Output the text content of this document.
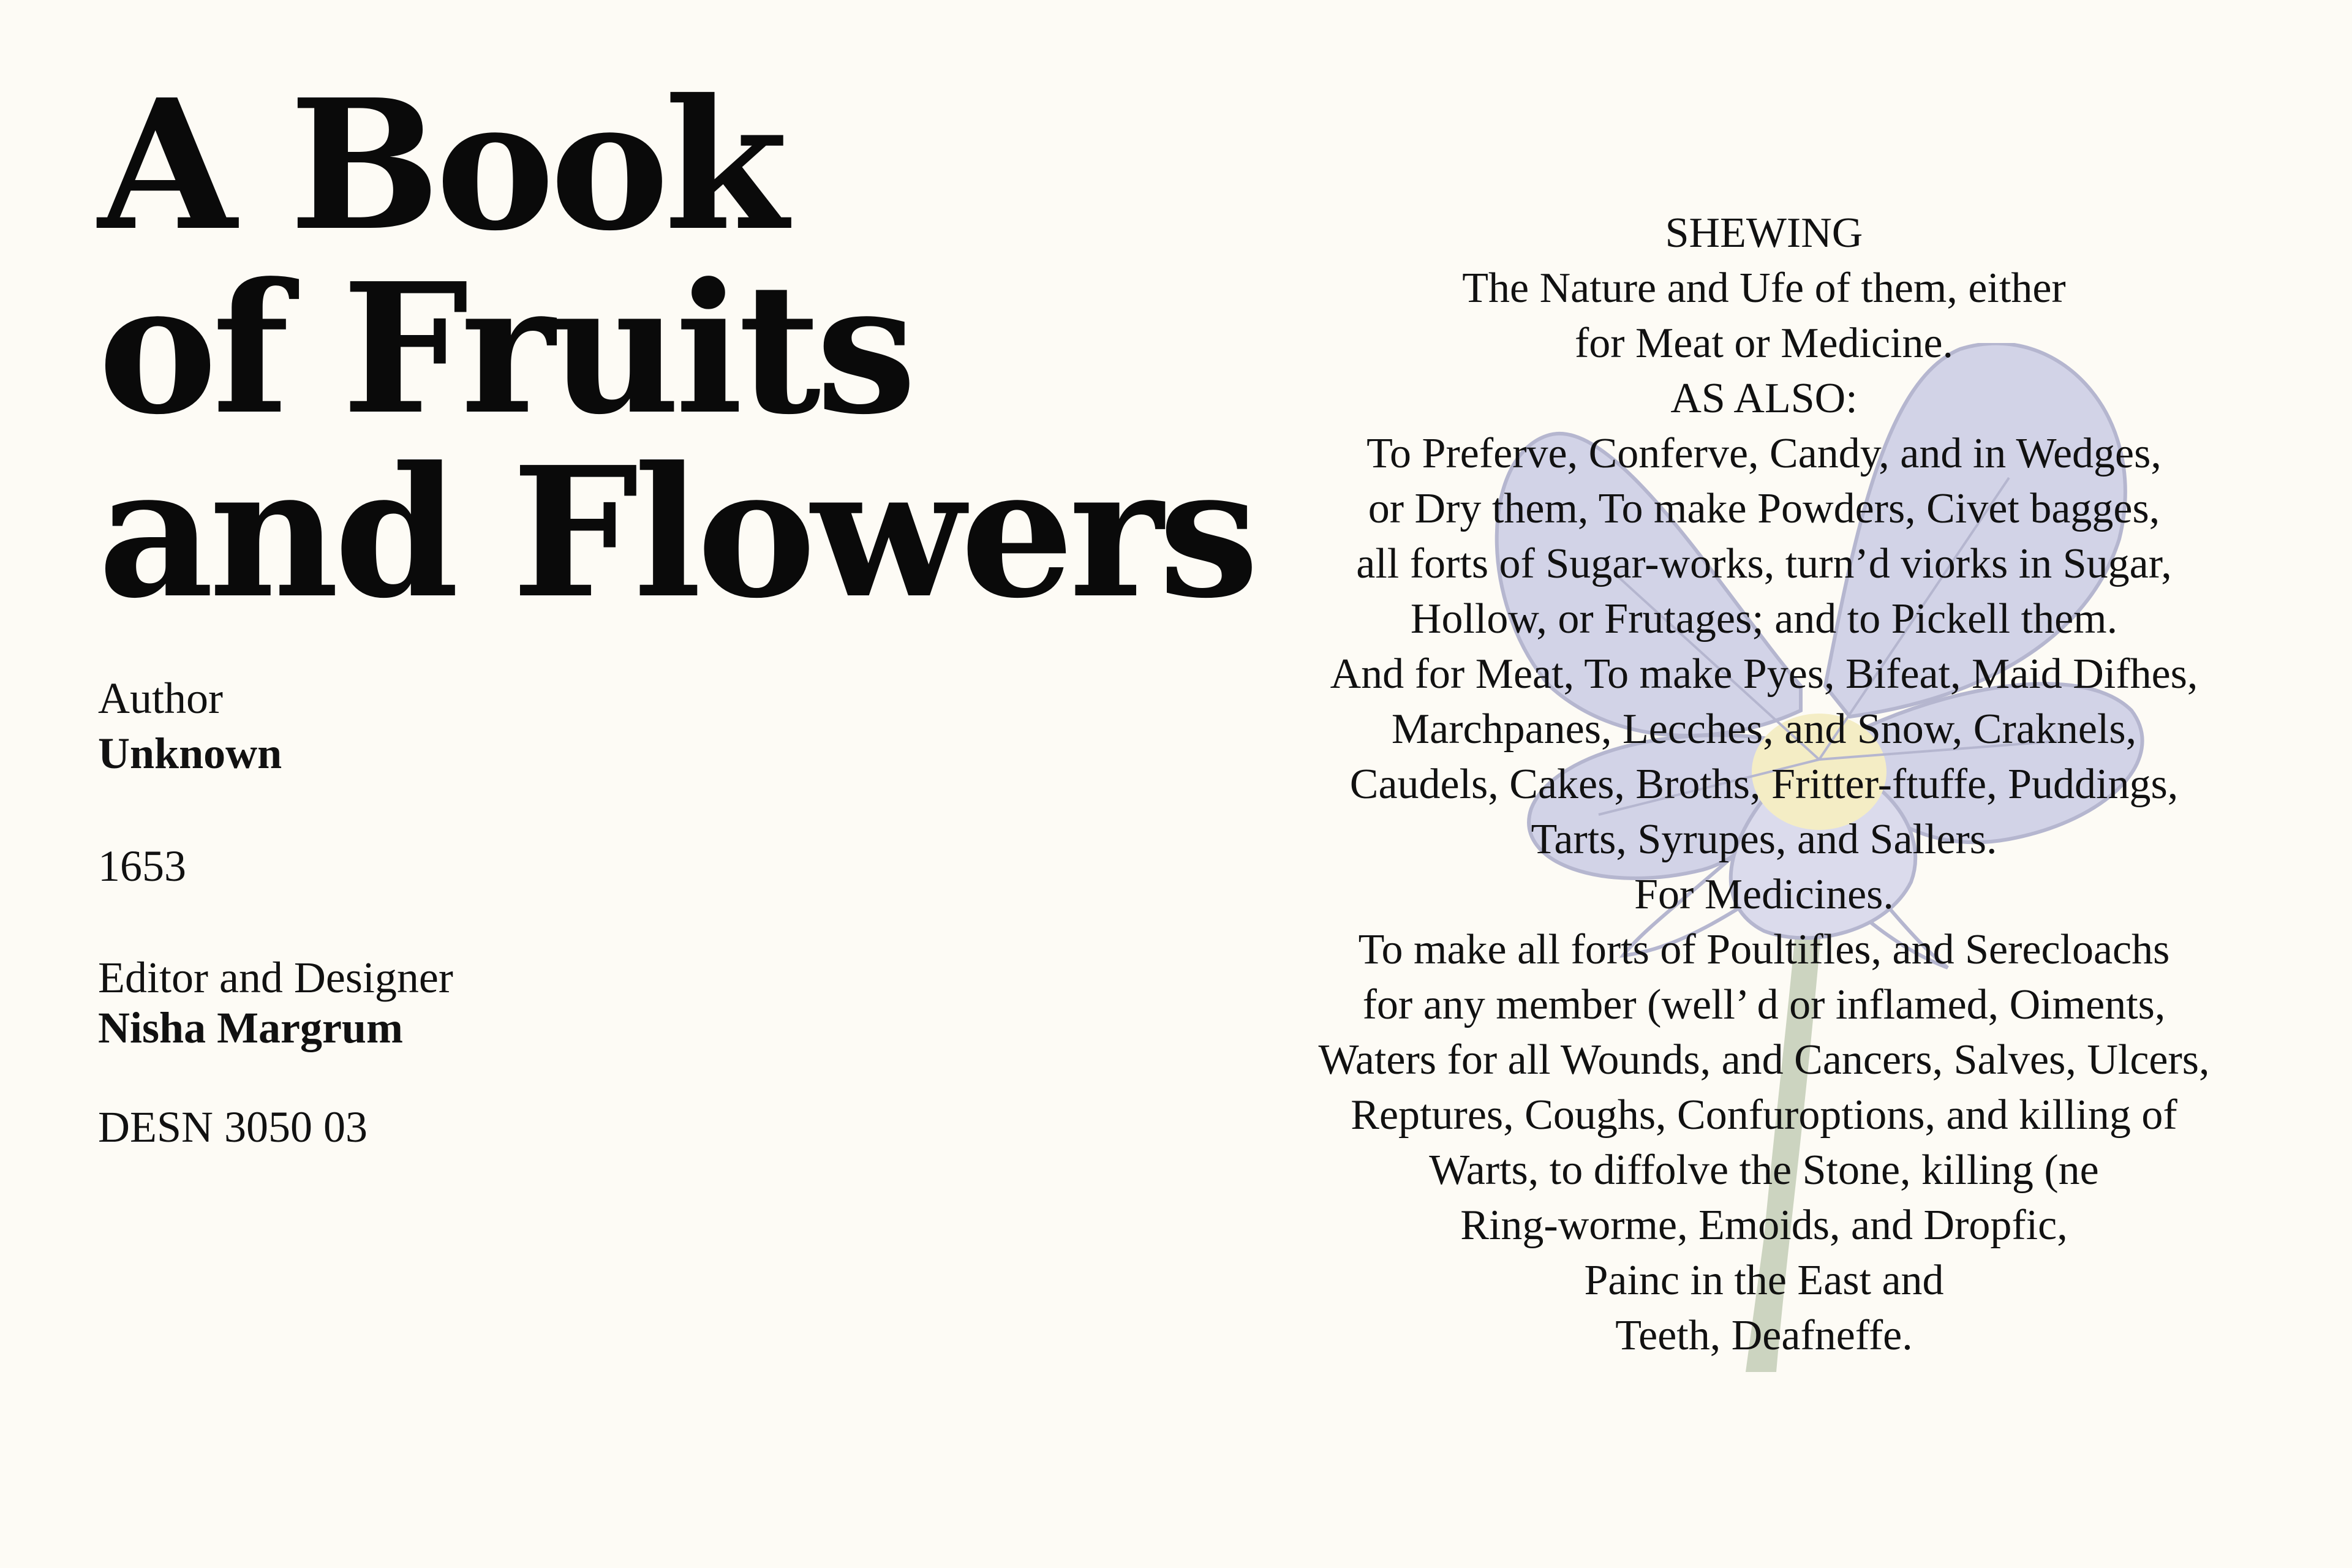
A Book
of Fruits
and Flowers
Author
Unknown
1653
Editor and Designer
Nisha Margrum
DESN 3050 03
SHEWING
The Nature and Ufe of them, either
for Meat or Medicine.
AS ALSO:
To Preferve, Conferve, Candy, and in Wedges,
or Dry them, To make Powders, Civet bagges,
all forts of Sugar-works, turn’d viorks in Sugar,
Hollow, or Frutages; and to Pickell them.
And for Meat, To make Pyes, Bifeat, Maid Difhes,
Marchpanes, Lecches, and Snow, Craknels,
Caudels, Cakes, Broths, Fritter-ftuffe, Puddings,
Tarts, Syrupes, and Sallers.
For Medicines.
To make all forts of Poultifles, and Serecloachs
for any member (well’ d or inflamed, Oiments,
Waters for all Wounds, and Cancers, Salves, Ulcers,
Reptures, Coughs, Confuroptions, and killing of
Warts, to diffolve the Stone, killing (ne
Ring-worme, Emoids, and Dropfic,
Painc in the East and
Teeth, Deafneffe.
